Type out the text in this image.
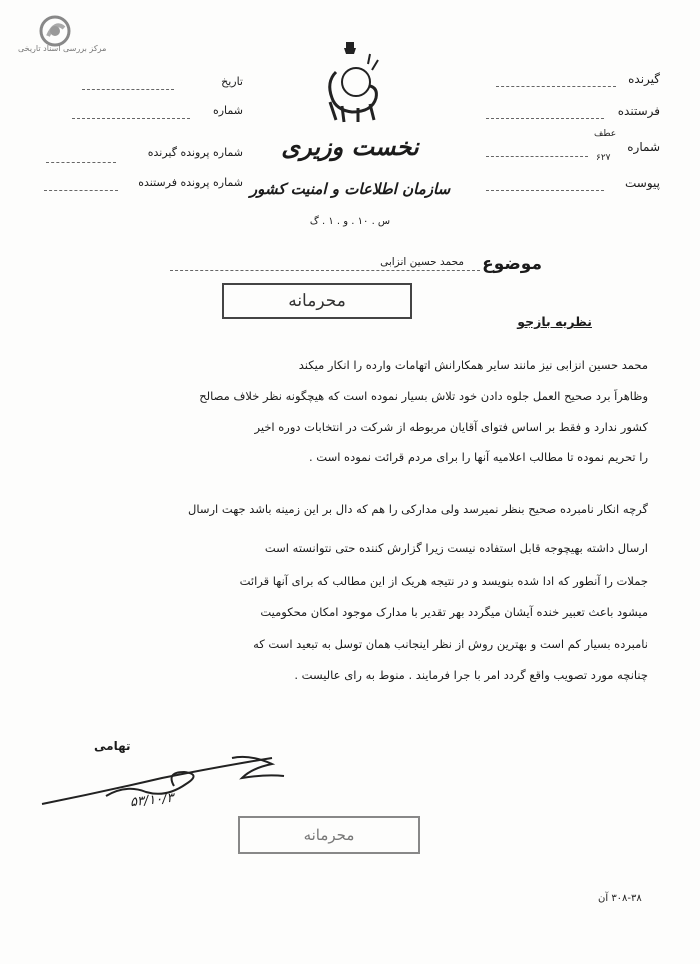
مرکز بررسی اسناد تاریخی
تاریخ
شماره
شماره پرونده گیرنده
شماره پرونده فرستنده
نخست وزیری
سازمان اطلاعات و امنیت کشور
س . ۱۰ . و . ۱ . گ
گیرنده
فرستنده
شماره
عطف
۶۲۷
پیوست
موضوع
محمد حسین انزابی
محرمانه
نظریه بازجو
محمد حسین انزابی نیز مانند سایر همکارانش اتهامات وارده را انکار میکند
وظاهراً برد صحیح العمل جلوه دادن خود تلاش بسیار نموده است که هیچگونه نظر خلاف مصالح
کشور ندارد و فقط بر اساس فتوای آقایان مربوطه از شرکت در انتخابات دوره اخیر
را تحریم نموده تا مطالب اعلامیه آنها را برای مردم قرائت نموده است .
گرچه انکار نامبرده صحیح بنظر نمیرسد ولی مدارکی را هم که دال بر این زمینه باشد جهت ارسال
ارسال داشته بهیچوجه قابل استفاده نیست زیرا گزارش کننده حتی نتوانسته است
جملات را آنطور که ادا شده بنویسد و در نتیجه هریک از این مطالب که برای آنها قرائت
میشود باعث تعبیر خنده آیشان میگردد بهر تقدیر با مدارک موجود امکان محکومیت
نامبرده بسیار کم است و بهترین روش از نظر اینجانب همان توسل به تبعید است که
چنانچه مورد تصویب واقع گردد امر با جرا فرمایند . منوط به رای عالیست .
تهامی
۵۳/۱۰/۳
محرمانه
۳۰۸-۳۸ آن
